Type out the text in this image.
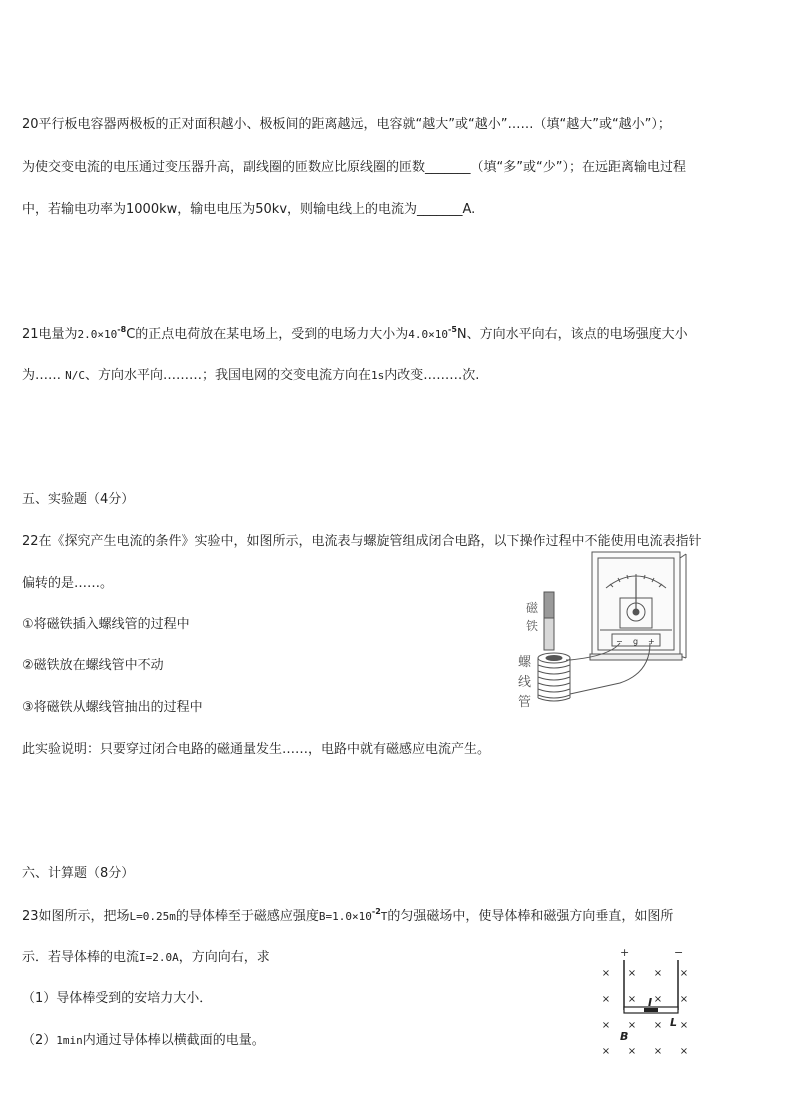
20平行板电容器两极板的正对面积越小、极板间的距离越远，电容就“越大”或“越小”……（填“越大”或“越小”）；
为使交变电流的电压通过变压器升高，副线圈的匝数应比原线圈的匝数_______（填“多”或“少”）；在远距离输电过程
中，若输电功率为1000kw，输电电压为50kv，则输电线上的电流为_______A.
21电量为$2.0\times 10^{-8}C$的正点电荷放在某电场上，受到的电场力大小为$4.0\times 10^{-5}N$、方向水平向右，该点的电场强度大小
为…… N/C、方向水平向………；我国电网的交变电流方向在1s内改变………次.
五、实验题（4分）
22在《探究产生电流的条件》实验中，如图所示，电流表与螺旋管组成闭合电路，以下操作过程中不能使用电流表指针
偏转的是……。
①将磁铁插入螺线管的过程中
②磁铁放在螺线管中不动
③将磁铁从螺线管抽出的过程中
此实验说明：只要穿过闭合电路的磁通量发生……，电路中就有磁感应电流产生。
− g +
磁
铁
螺
线
管
六、计算题（8分）
23如图所示，把场L=0.25m的导体棒至于磁感应强度$B=1.0\times 10^{-2}T$的匀强磁场中，使导体棒和磁强方向垂直，如图所
示．若导体棒的电流I=2.0A，方向向右，求
（1）导体棒受到的安培力大小．
（2）1min内通过导体棒以横截面的电量。
+	−
I
L
B
× × × ×
× × × ×
× × × ×
× × × ×
